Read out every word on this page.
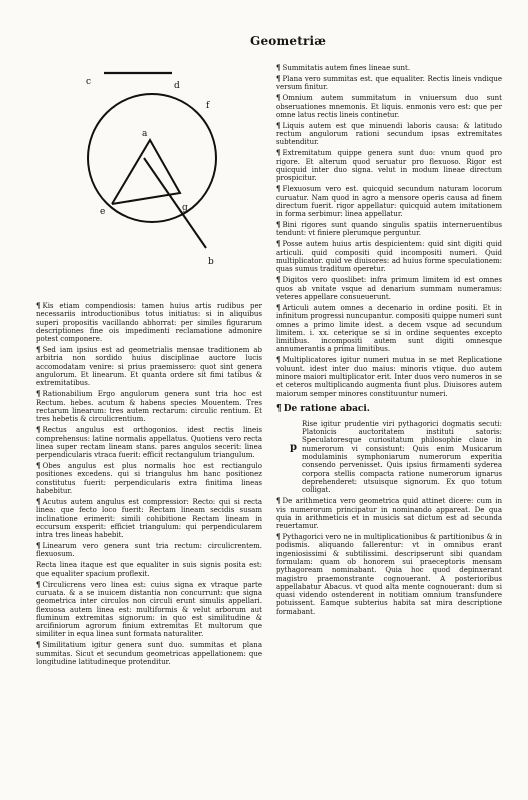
Geometriæ
c	d
f
a
e	g
b

¶ Kis etiam compendiosis: tamen huius artis rudibus per necessariis introductionibus totus initiatus: si in aliquibus superi propositis vacillando abhorrat: per similes figurarum descriptiones fine ois impedimenti reclamatione admonire potest componere.

¶ Sed iam ipsius est ad geometrialis mensae traditionem ab arbitria non sordido huius disciplinae auctore lucis accomodatam venire: si prius praemissero: quot sint genera angulorum. Et linearum. Et quanta ordere sit fimi tatibus & extremitatibus.

¶ Rationabilium Ergo angulorum genera sunt tria hoc est Rectum. hebes. acutum & habens species Mouentem. Tres rectarum linearum: tres autem rectarum: circulic rentium. Et tres hebetis & circulicrentium.

¶ Rectus angulus est orthogonios. idest rectis lineis comprehensus: latine normalis appellatus. Quotiens vero recta linea super rectam lineam stans. pares angulos secerit: linea perpendicularis vtraca fuerit: efficit rectangulum triangulum.

¶ Obes angulus est plus normalis hoc est rectiangulo positiones excedens. qui si triangulus hm hanc positionez constitutus fuerit: perpendicularis extra finitima lineas habebitur.

¶ Acutus autem angulus est compressior: Recto: qui si recta linea: que fecto loco fuerit: Rectam lineam secidis susam inclinatione erimerit: simili cohibitione Rectam lineam in eccursum exsperit: efficiet triangulum: qui perpendicularem intra tres lineas habebit.

¶ Linearum vero genera sunt tria rectum: circulicrentem. flexuosum.

Recta linea itaque est que equaliter in suis signis posita est: que equaliter spacium proflexit.

¶ Circulicrens vero linea est: cuius signa ex vtraque parte curuata. & a se inuicem distantia non concurrunt: que signa geometrica inter circulos non circuli erunt simulis appellari. flexuosa autem linea est: multiformis & velut arborum aut fluminum extremitas signorum: in quo est similitudine & arcifiniorum agrorum finium extremitas Et multorum que similiter in equa linea sunt formata naturaliter.

¶ Similitatium igitur genera sunt duo. summitas et plana summitas. Sicut et secundum geometricas appellationem: que longitudine latitudineque protenditur.

¶ Summitatis autem fines lineae sunt.

¶ Plana vero summitas est. que equaliter. Rectis lineis vndique versum finitur.

¶ Omnium autem summitatum in vniuersum duo sunt obseruationes mnemonis. Et liquis. enmonis vero est: que per omne latus rectis lineis continetur.

¶ Liquis autem est que minuendi laboris causa: & latitudo rectum angulorum rationi secundum ipsas extremitates subtenditur.

¶ Extremitatum quippe genera sunt duo: vnum quod pro rigore. Et alterum quod seruatur pro flexuoso. Rigor est quicquid inter duo signa. velut in modum lineae directum prospicitur.

¶ Flexuosum vero est. quicquid secundum naturam locorum curuatur. Nam quod in agro a mensore operis causa ad finem directum fuerit. rigor appellatur: quicquid autem imitationem in forma serbimur: linea appellatur.

¶ Bini rigores sunt quando singulis spatiis interneruentibus tendunt: vt finiere plerumque perguntur.

¶ Posse autem huius artis despicientem: quid sint digiti quid articuli. quid compositi quid incompositi numeri. Quid multiplicator. quid ve diuisores: ad huius forme speculationem: quas sumus traditum operetur.

¶ Digitos vero quoslibet: infra primum limitem id est omnes quos ab vnitate vsque ad denarium summam numeramus: veteres appellare consueuerunt.

¶ Articuli autem omnes a decenario in ordine positi. Et in infinitum progressi nuncupantur. compositi quippe numeri sunt omnes a primo limite idest. a decem vsque ad secundum limitem. i. xx. ceterique se si in ordine sequentes excepto limitibus. incompositi autem sunt digiti omnesque annumerantis a prima limitibus.

¶ Multiplicatores igitur numeri mutua in se met Replicatione voluunt. idest inter duo maius: minoris vtique. duo autem minore maiori multiplicator erit. Inter duos vero numeros in se et ceteros multiplicando augmenta fiunt plus. Diuisores autem maiorum semper minores constituuntur numeri.

¶ De ratione abaci.
p

Rise igitur prudentie viri pythagorici dogmatis secuti: Platonicis auctoritatem instituti satoris: Speculatoresque curiositatum philosophie claue in numerorum vi consistunt: Quis enim Musicarum modulaminis symphoniarum numerorum experitia consendo pervenisset. Quis ipsius firmamenti syderea corpora stellis compacta ratione numerorum ignarus deprehenderet: utsuisque signorum. Ex quo totum colligat.

¶ De arithmetica vero geometrica quid attinet dicere: cum in vis numerorum principatur in nominando appareat. De qua quia in arithmeticis et in musicis sat dictum est ad secunda reuertamur.

¶ Pythagorici vero ne in multiplicationibus & partitionibus & in podismis. aliquando fallerentur: vt in omnibus erant ingeniosissimi & subtilissimi. descripserunt sibi quandam formulam: quam ob honorem sui praeceptoris mensam pythagoream nominabant. Quia hoc quod depinxerant magistro praemonstrante cognouerant. A posterioribus appellabatur Abacus. vt quod alta mente cognouerant: dum si quasi videndo ostenderent in notitiam omnium transfundere potuissent. Eamque subterius habita sat mira descriptione formabant.
